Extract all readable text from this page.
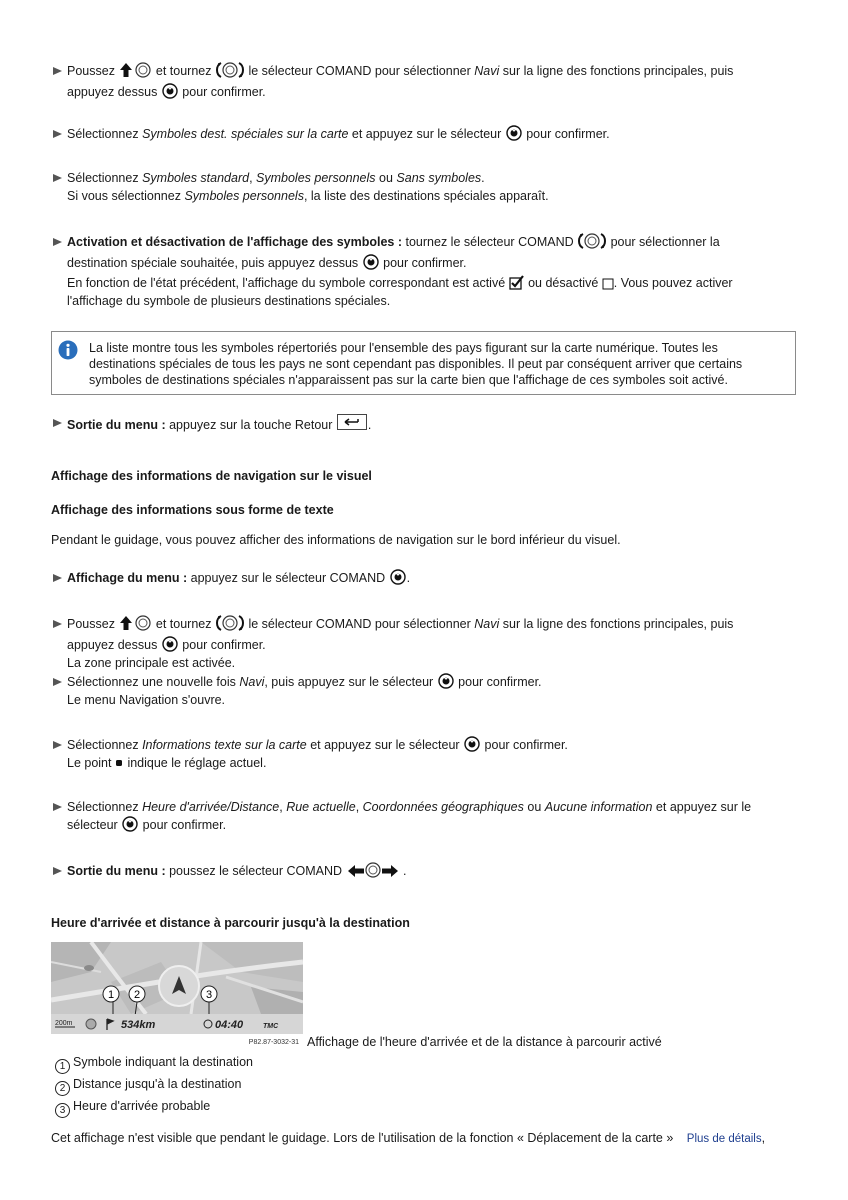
Poussez	et tournez  le sélecteur COMAND pour sélectionner Navi sur la ligne des fonctions principales, puis
appuyez dessus  pour confirmer.
Sélectionnez Symboles dest. spéciales sur la carte et appuyez sur le sélecteur  pour confirmer.
Sélectionnez Symboles standard, Symboles personnels ou Sans symboles.
Si vous sélectionnez Symboles personnels, la liste des destinations spéciales apparaît.
Activation et désactivation de l'affichage des symboles : tournez le sélecteur COMAND  pour sélectionner la
destination spéciale souhaitée, puis appuyez dessus  pour confirmer.
En fonction de l'état précédent, l'affichage du symbole correspondant est activé  ou désactivé . Vous pouvez activer
l'affichage du symbole de plusieurs destinations spéciales.
La liste montre tous les symboles répertoriés pour l'ensemble des pays figurant sur la carte numérique. Toutes les
destinations spéciales de tous les pays ne sont cependant pas disponibles. Il peut par conséquent arriver que certains
symboles de destinations spéciales n'apparaissent pas sur la carte bien que l'affichage de ces symboles soit activé.
Sortie du menu : appuyez sur la touche Retour	.
Affichage des informations de navigation sur le visuel
Affichage des informations sous forme de texte
Pendant le guidage, vous pouvez afficher des informations de navigation sur le bord inférieur du visuel.
Affichage du menu : appuyez sur le sélecteur COMAND .
Poussez	et tournez  le sélecteur COMAND pour sélectionner Navi sur la ligne des fonctions principales, puis
appuyez dessus  pour confirmer.
La zone principale est activée.
Sélectionnez une nouvelle fois Navi, puis appuyez sur le sélecteur  pour confirmer.
Le menu Navigation s'ouvre.
Sélectionnez Informations texte sur la carte et appuyez sur le sélecteur  pour confirmer.
Le point  indique le réglage actuel.
Sélectionnez Heure d'arrivée/Distance, Rue actuelle, Coordonnées géographiques ou Aucune information et appuyez sur le
sélecteur  pour confirmer.
Sortie du menu : poussez le sélecteur COMAND	.
Heure d'arrivée et distance à parcourir jusqu'à la destination
1 2	3
200m	534km	04:40	TMC
P82.87-3032-31 Affichage de l'heure d'arrivée et de la distance à parcourir activé
1 Symbole indiquant la destination
2 Distance jusqu'à la destination
3 Heure d'arrivée probable
Cet affichage n'est visible que pendant le guidage. Lors de l'utilisation de la fonction « Déplacement de la carte » Plus de détails,
